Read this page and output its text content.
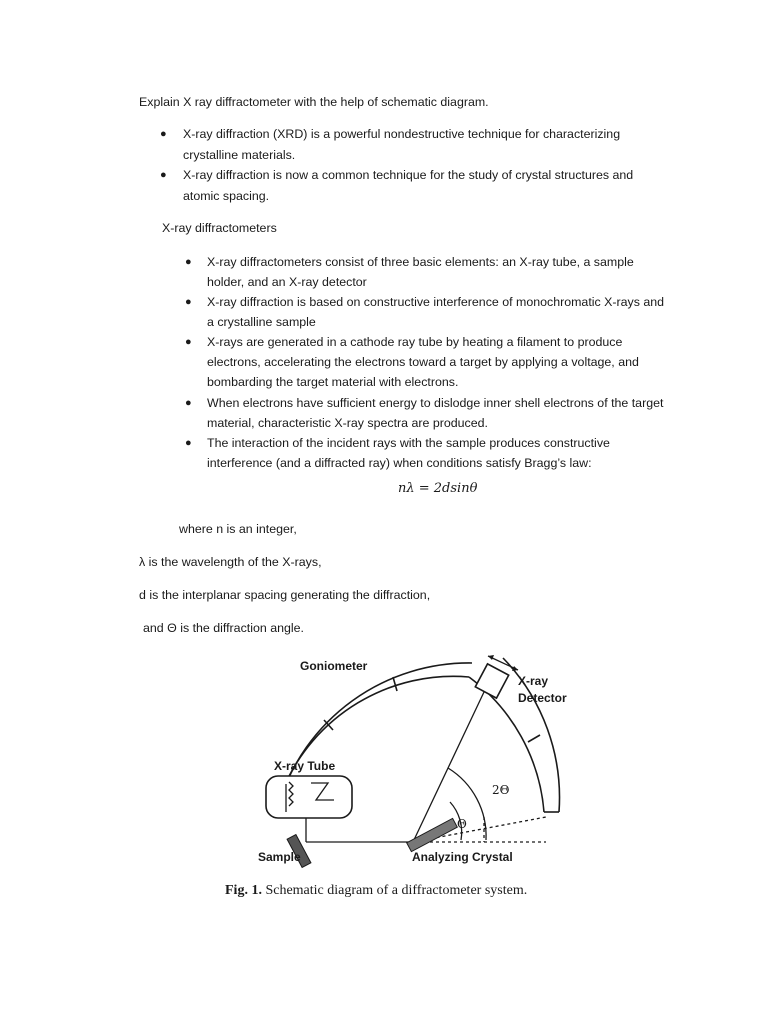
Explain X ray diffractometer with the help of schematic diagram.
● X-ray diffraction (XRD) is a powerful nondestructive technique for characterizing
crystalline materials.
● X-ray diffraction is now a common technique for the study of crystal structures and
atomic spacing.
X-ray diffractometers
● X-ray diffractometers consist of three basic elements: an X-ray tube, a sample
holder, and an X-ray detector
● X-ray diffraction is based on constructive interference of monochromatic X-rays and
a crystalline sample
● X-rays are generated in a cathode ray tube by heating a filament to produce
electrons, accelerating the electrons toward a target by applying a voltage, and
bombarding the target material with electrons.
● When electrons have sufficient energy to dislodge inner shell electrons of the target
material, characteristic X-ray spectra are produced.
● The interaction of the incident rays with the sample produces constructive
interference (and a diffracted ray) when conditions satisfy Bragg’s law:
nλ = 2dsinθ
where n is an integer,
λ is the wavelength of the X-rays,
d is the interplanar spacing generating the diffraction,
and Θ is the diffraction angle.
Goniometer
X-ray
Detector
X-ray Tube
Sample	Analyzing Crystal
2Θ
Θ
Fig. 1. Schematic diagram of a diffractometer system.
